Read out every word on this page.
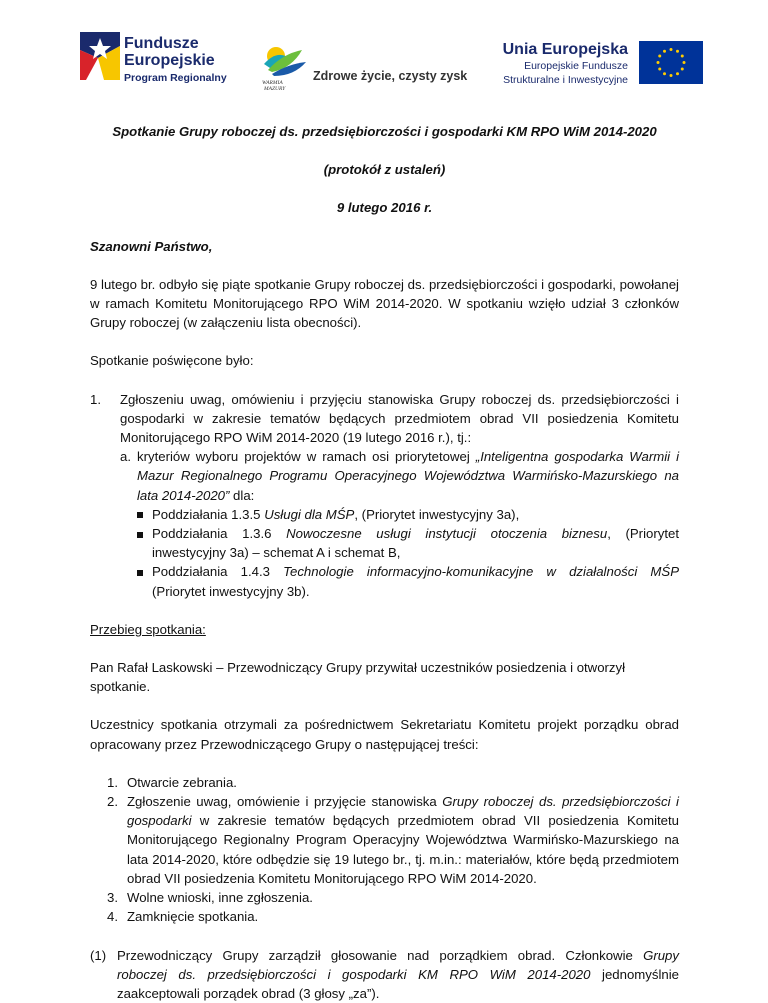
Fundusze
Europejskie
Program Regionalny	WARMIA
MAZURY
Zdrowe życie, czysty zysk
Unia Europejska
Europejskie Fundusze
Strukturalne i Inwestycyjne

Spotkanie Grupy roboczej ds. przedsiębiorczości i gospodarki KM RPO WiM 2014-2020

(protokół z ustaleń)

9 lutego 2016 r.

Szanowni Państwo,

9 lutego br. odbyło się piąte spotkanie Grupy roboczej ds. przedsiębiorczości i gospodarki, powołanej w ramach Komitetu Monitorującego RPO WiM 2014-2020. W spotkaniu wzięło udział 3 członków Grupy roboczej (w załączeniu lista obecności).

Spotkanie poświęcone było:

1.	Zgłoszeniu uwag, omówieniu i przyjęciu stanowiska Grupy roboczej ds. przedsiębiorczości i gospodarki w zakresie tematów będących przedmiotem obrad VII posiedzenia Komitetu Monitorującego RPO WiM 2014-2020 (19 lutego 2016 r.), tj.:
a. kryteriów wyboru projektów w ramach osi priorytetowej „Inteligentna gospodarka Warmii i Mazur Regionalnego Programu Operacyjnego Województwa Warmińsko-Mazurskiego na lata 2014-2020” dla:
Poddziałania 1.3.5 Usługi dla MŚP, (Priorytet inwestycyjny 3a),
Poddziałania 1.3.6 Nowoczesne usługi instytucji otoczenia biznesu, (Priorytet inwestycyjny 3a) – schemat A i schemat B,
Poddziałania 1.4.3 Technologie informacyjno-komunikacyjne w działalności MŚP (Priorytet inwestycyjny 3b).

Przebieg spotkania:

Pan Rafał Laskowski – Przewodniczący Grupy przywitał uczestników posiedzenia i otworzył spotkanie.

Uczestnicy spotkania otrzymali za pośrednictwem Sekretariatu Komitetu projekt porządku obrad opracowany przez Przewodniczącego Grupy o następującej treści:

1. Otwarcie zebrania.
2. Zgłoszenie uwag, omówienie i przyjęcie stanowiska Grupy roboczej ds. przedsiębiorczości i gospodarki w zakresie tematów będących przedmiotem obrad VII posiedzenia Komitetu Monitorującego Regionalny Program Operacyjny Województwa Warmińsko-Mazurskiego na lata 2014-2020, które odbędzie się 19 lutego br., tj. m.in.: materiałów, które będą przedmiotem obrad VII posiedzenia Komitetu Monitorującego RPO WiM 2014-2020.
3. Wolne wnioski, inne zgłoszenia.
4. Zamknięcie spotkania.
(1) Przewodniczący Grupy zarządził głosowanie nad porządkiem obrad. Członkowie Grupy roboczej ds. przedsiębiorczości i gospodarki KM RPO WiM 2014-2020 jednomyślnie zaakceptowali porządek obrad (3 głosy „za”).
